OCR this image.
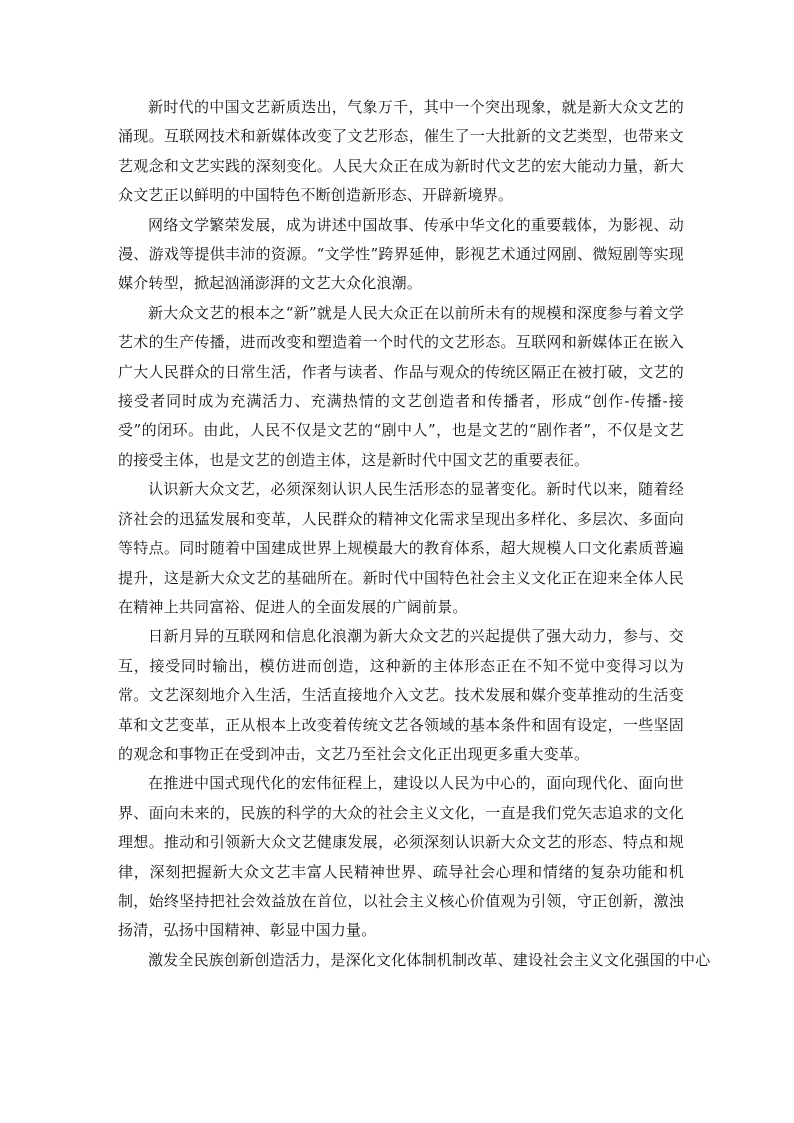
新时代的中国文艺新质迭出，气象万千，其中一个突出现象，就是新大众文艺的涌现。互联网技术和新媒体改变了文艺形态，催生了一大批新的文艺类型，也带来文艺观念和文艺实践的深刻变化。人民大众正在成为新时代文艺的宏大能动力量，新大众文艺正以鲜明的中国特色不断创造新形态、开辟新境界。

网络文学繁荣发展，成为讲述中国故事、传承中华文化的重要载体，为影视、动漫、游戏等提供丰沛的资源。“文学性”跨界延伸，影视艺术通过网剧、微短剧等实现媒介转型，掀起汹涌澎湃的文艺大众化浪潮。

新大众文艺的根本之“新”就是人民大众正在以前所未有的规模和深度参与着文学艺术的生产传播，进而改变和塑造着一个时代的文艺形态。互联网和新媒体正在嵌入广大人民群众的日常生活，作者与读者、作品与观众的传统区隔正在被打破，文艺的接受者同时成为充满活力、充满热情的文艺创造者和传播者，形成“创作-传播-接受”的闭环。由此，人民不仅是文艺的“剧中人”，也是文艺的“剧作者”，不仅是文艺的接受主体，也是文艺的创造主体，这是新时代中国文艺的重要表征。

认识新大众文艺，必须深刻认识人民生活形态的显著变化。新时代以来，随着经济社会的迅猛发展和变革，人民群众的精神文化需求呈现出多样化、多层次、多面向等特点。同时随着中国建成世界上规模最大的教育体系，超大规模人口文化素质普遍提升，这是新大众文艺的基础所在。新时代中国特色社会主义文化正在迎来全体人民在精神上共同富裕、促进人的全面发展的广阔前景。

日新月异的互联网和信息化浪潮为新大众文艺的兴起提供了强大动力，参与、交互，接受同时输出，模仿进而创造，这种新的主体形态正在不知不觉中变得习以为常。文艺深刻地介入生活，生活直接地介入文艺。技术发展和媒介变革推动的生活变革和文艺变革，正从根本上改变着传统文艺各领域的基本条件和固有设定，一些坚固的观念和事物正在受到冲击，文艺乃至社会文化正出现更多重大变革。

在推进中国式现代化的宏伟征程上，建设以人民为中心的，面向现代化、面向世界、面向未来的，民族的科学的大众的社会主义文化，一直是我们党矢志追求的文化理想。推动和引领新大众文艺健康发展，必须深刻认识新大众文艺的形态、特点和规律，深刻把握新大众文艺丰富人民精神世界、疏导社会心理和情绪的复杂功能和机制，始终坚持把社会效益放在首位，以社会主义核心价值观为引领，守正创新，激浊扬清，弘扬中国精神、彰显中国力量。

激发全民族创新创造活力，是深化文化体制机制改革、建设社会主义文化强国的中心
